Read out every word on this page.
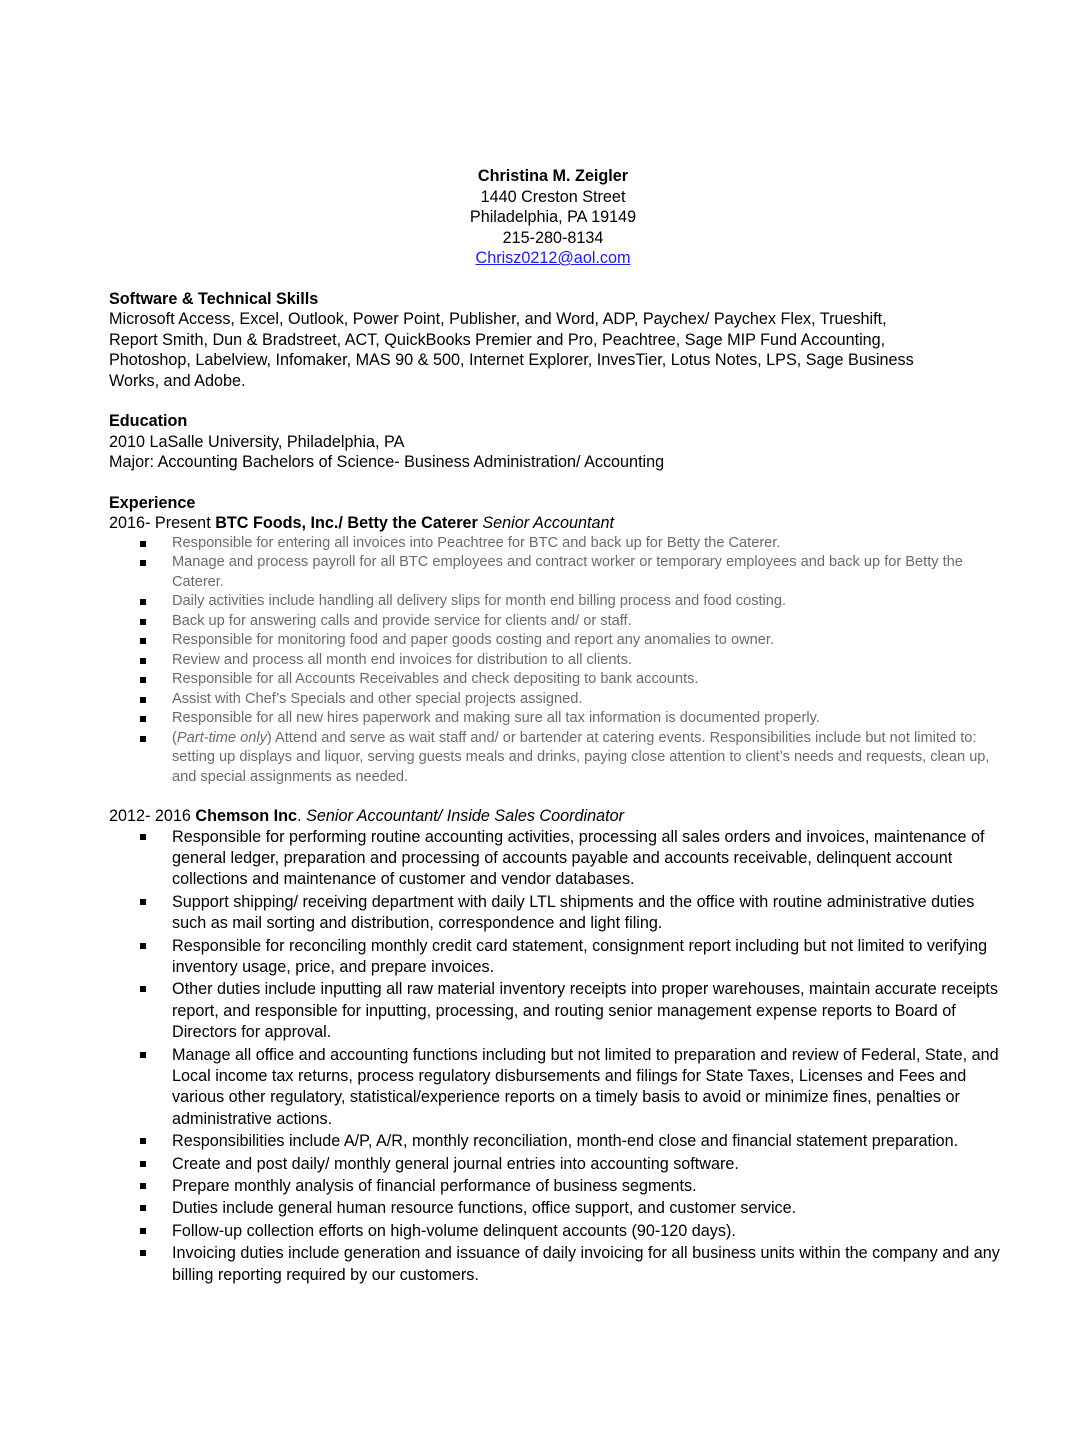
Christina M. Zeigler
1440 Creston Street
Philadelphia, PA 19149
215-280-8134
Chrisz0212@aol.com
Software & Technical Skills
Microsoft Access, Excel, Outlook, Power Point, Publisher, and Word, ADP, Paychex/ Paychex Flex, Trueshift,
Report Smith, Dun & Bradstreet, ACT, QuickBooks Premier and Pro, Peachtree, Sage MIP Fund Accounting,
Photoshop, Labelview, Infomaker, MAS 90 & 500, Internet Explorer, InvesTier, Lotus Notes, LPS, Sage Business
Works, and Adobe.
Education
2010 LaSalle University, Philadelphia, PA
Major: Accounting Bachelors of Science- Business Administration/ Accounting
Experience
2016- Present BTC Foods, Inc./ Betty the Caterer Senior Accountant
Responsible for entering all invoices into Peachtree for BTC and back up for Betty the Caterer.
Manage and process payroll for all BTC employees and contract worker or temporary employees and back up for Betty the Caterer.
Daily activities include handling all delivery slips for month end billing process and food costing.
Back up for answering calls and provide service for clients and/ or staff.
Responsible for monitoring food and paper goods costing and report any anomalies to owner.
Review and process all month end invoices for distribution to all clients.
Responsible for all Accounts Receivables and check depositing to bank accounts.
Assist with Chef’s Specials and other special projects assigned.
Responsible for all new hires paperwork and making sure all tax information is documented properly.
(Part-time only) Attend and serve as wait staff and/ or bartender at catering events. Responsibilities include but not limited to: setting up displays and liquor, serving guests meals and drinks, paying close attention to client’s needs and requests, clean up, and special assignments as needed.
2012- 2016 Chemson Inc. Senior Accountant/ Inside Sales Coordinator
Responsible for performing routine accounting activities, processing all sales orders and invoices, maintenance of general ledger, preparation and processing of accounts payable and accounts receivable, delinquent account collections and maintenance of customer and vendor databases.
Support shipping/ receiving department with daily LTL shipments and the office with routine administrative duties such as mail sorting and distribution, correspondence and light filing.
Responsible for reconciling monthly credit card statement, consignment report including but not limited to verifying inventory usage, price, and prepare invoices.
Other duties include inputting all raw material inventory receipts into proper warehouses, maintain accurate receipts report, and responsible for inputting, processing, and routing senior management expense reports to Board of Directors for approval.
Manage all office and accounting functions including but not limited to preparation and review of Federal, State, and Local income tax returns, process regulatory disbursements and filings for State Taxes, Licenses and Fees and various other regulatory, statistical/experience reports on a timely basis to avoid or minimize fines, penalties or administrative actions.
Responsibilities include A/P, A/R, monthly reconciliation, month-end close and financial statement preparation.
Create and post daily/ monthly general journal entries into accounting software.
Prepare monthly analysis of financial performance of business segments.
Duties include general human resource functions, office support, and customer service.
Follow-up collection efforts on high-volume delinquent accounts (90-120 days).
Invoicing duties include generation and issuance of daily invoicing for all business units within the company and any billing reporting required by our customers.
